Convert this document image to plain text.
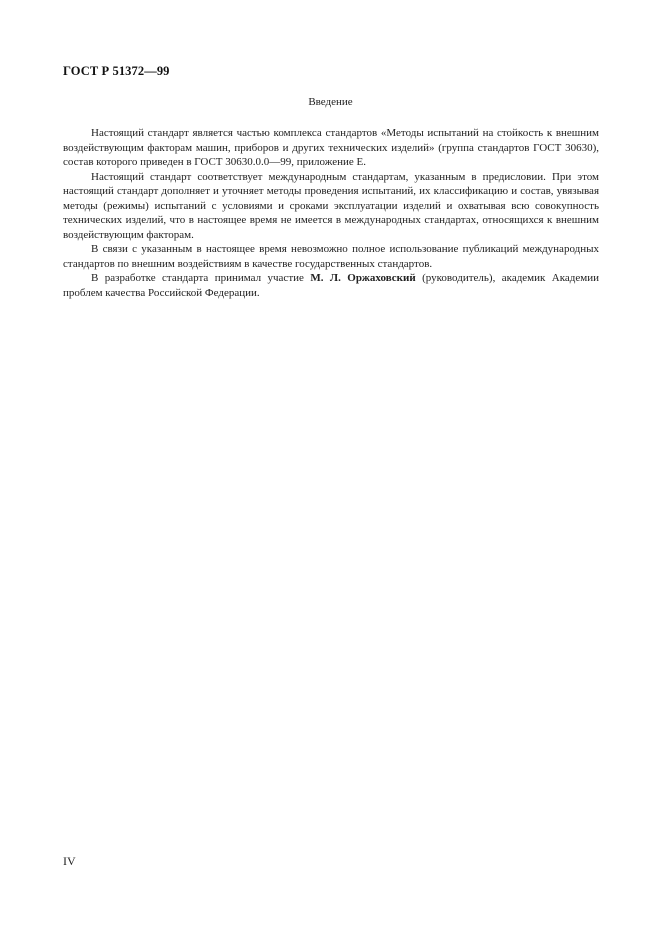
ГОСТ Р 51372—99
Введение

Настоящий стандарт является частью комплекса стандартов «Методы испытаний на стойкость к внешним воздействующим факторам машин, приборов и других технических изделий» (группа стандартов ГОСТ 30630), состав которого приведен в ГОСТ 30630.0.0—99, приложение Е.

Настоящий стандарт соответствует международным стандартам, указанным в предисловии. При этом настоящий стандарт дополняет и уточняет методы проведения испытаний, их классификацию и состав, увязывая методы (режимы) испытаний с условиями и сроками эксплуатации изделий и охватывая всю совокупность технических изделий, что в настоящее время не имеется в международных стандартах, относящихся к внешним воздействующим факторам.

В связи с указанным в настоящее время невозможно полное использование публикаций международных стандартов по внешним воздействиям в качестве государственных стандартов.

В разработке стандарта принимал участие М. Л. Оржаховский (руководитель), академик Академии проблем качества Российской Федерации.

IV
